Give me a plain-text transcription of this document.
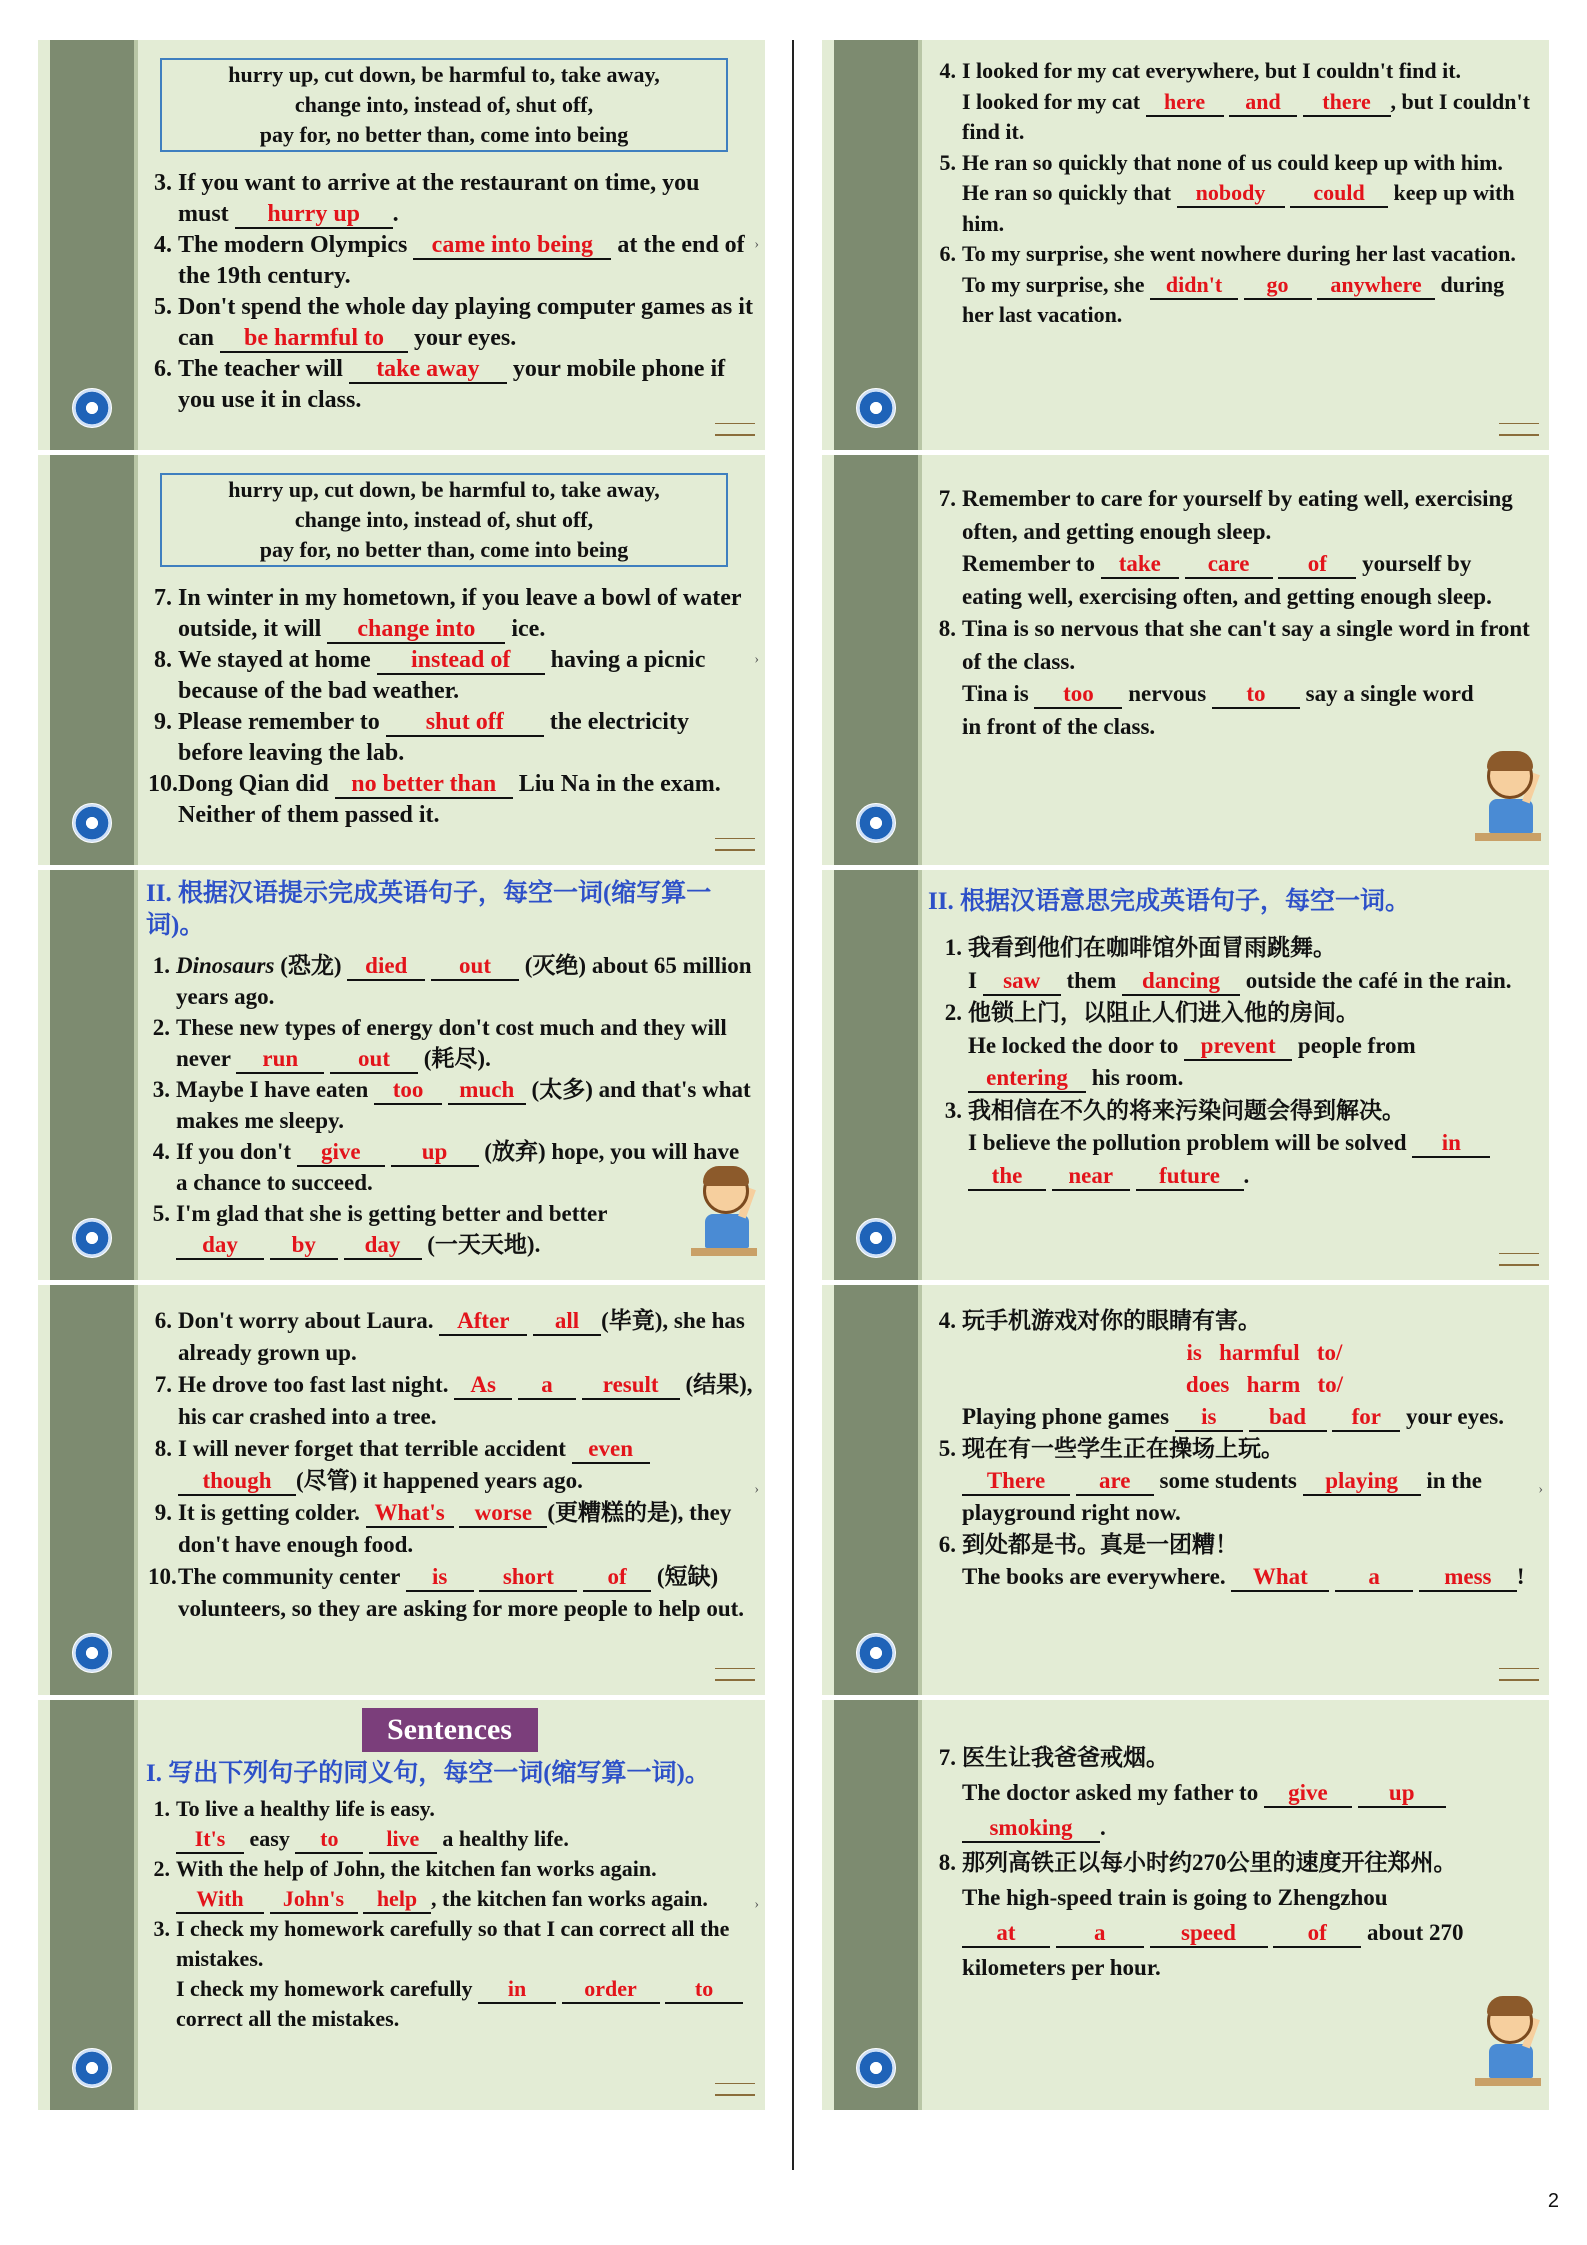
hurry up, cut down, be harmful to, take away,
change into, instead of, shut off,
pay for, no better than, come into being

3. If you want to arrive at the restaurant on time, you must hurry up .

4. The modern Olympics came into being at the end of the 19th century.

5. Don't spend the whole day playing computer games as it can be harmful to your eyes.

6. The teacher will take away your mobile phone if you use it in class.

›
hurry up, cut down, be harmful to, take away,
change into, instead of, shut off,
pay for, no better than, come into being

7. In winter in my hometown, if you leave a bowl of water outside, it will change into ice.

8. We stayed at home instead of having a picnic because of the bad weather.

9. Please remember to shut off the electricity before leaving the lab.

10.Dong Qian did no better than Liu Na in the exam. Neither of them passed it.

›
II. 根据汉语提示完成英语句子，每空一词(缩写算一词)。

1. Dinosaurs (恐龙) died out (灭绝) about 65 million years ago.

2. These new types of energy don't cost much and they will never run	out (耗尽).

3. Maybe I have eaten too much (太多) and that's what makes me sleepy.

4. If you don't give	up (放弃) hope, you will have a chance to succeed.

5. I'm glad that she is getting better and better day by day (一天天地).

6. Don't worry about Laura. After all (毕竟), she has already grown up.

7. He drove too fast last night. As a result (结果), his car crashed into a tree.

8. I will never forget that terrible accident even though (尽管) it happened years ago.

9. It is getting colder. What's worse (更糟糕的是), they don't have enough food.

10.The community center is short of (短缺) volunteers, so they are asking for more people to help out.

›
Sentences
I. 写出下列句子的同义句，每空一词(缩写算一词)。

1. To live a healthy life is easy.

It's easy to live a healthy life.

2. With the help of John, the kitchen fan works again.

With John's help , the kitchen fan works again.

3. I check my homework carefully so that I can correct all the mistakes.

I check my homework carefully in	order	to correct all the mistakes.

›

4. I looked for my cat everywhere, but I couldn't find it.

I looked for my cat here and there , but I couldn't find it.

5. He ran so quickly that none of us could keep up with him.

He ran so quickly that nobody could keep up with him.

6. To my surprise, she went nowhere during her last vacation.

To my surprise, she didn't go anywhere during her last vacation.

7. Remember to care for yourself by eating well, exercising often, and getting enough sleep.

Remember to take care	of yourself by eating well, exercising often, and getting enough sleep.

8. Tina is so nervous that she can't say a single word in front of the class.

Tina is too nervous to say a single word in front of the class.

II. 根据汉语意思完成英语句子，每空一词。

1. 我看到他们在咖啡馆外面冒雨跳舞。

I saw them dancing outside the café in the rain.

2. 他锁上门，以阻止人们进入他的房间。

He locked the door to prevent people from entering his room.

3. 我相信在不久的将来污染问题会得到解决。

I believe the pollution problem will be solved in the near future .

4. 玩手机游戏对你的眼睛有害。

is   harmful   to/
does   harm   to/

Playing phone games is bad for your eyes.

5. 现在有一些学生正在操场上玩。

There are some students playing in the playground right now.

6. 到处都是书。真是一团糟！

The books are everywhere. What	a	mess !

›

7. 医生让我爸爸戒烟。

The doctor asked my father to give	up smoking .

8. 那列高铁正以每小时约270公里的速度开往郑州。

The high-speed train is going to Zhengzhou at	a	speed	of about 270 kilometers per hour.

2
